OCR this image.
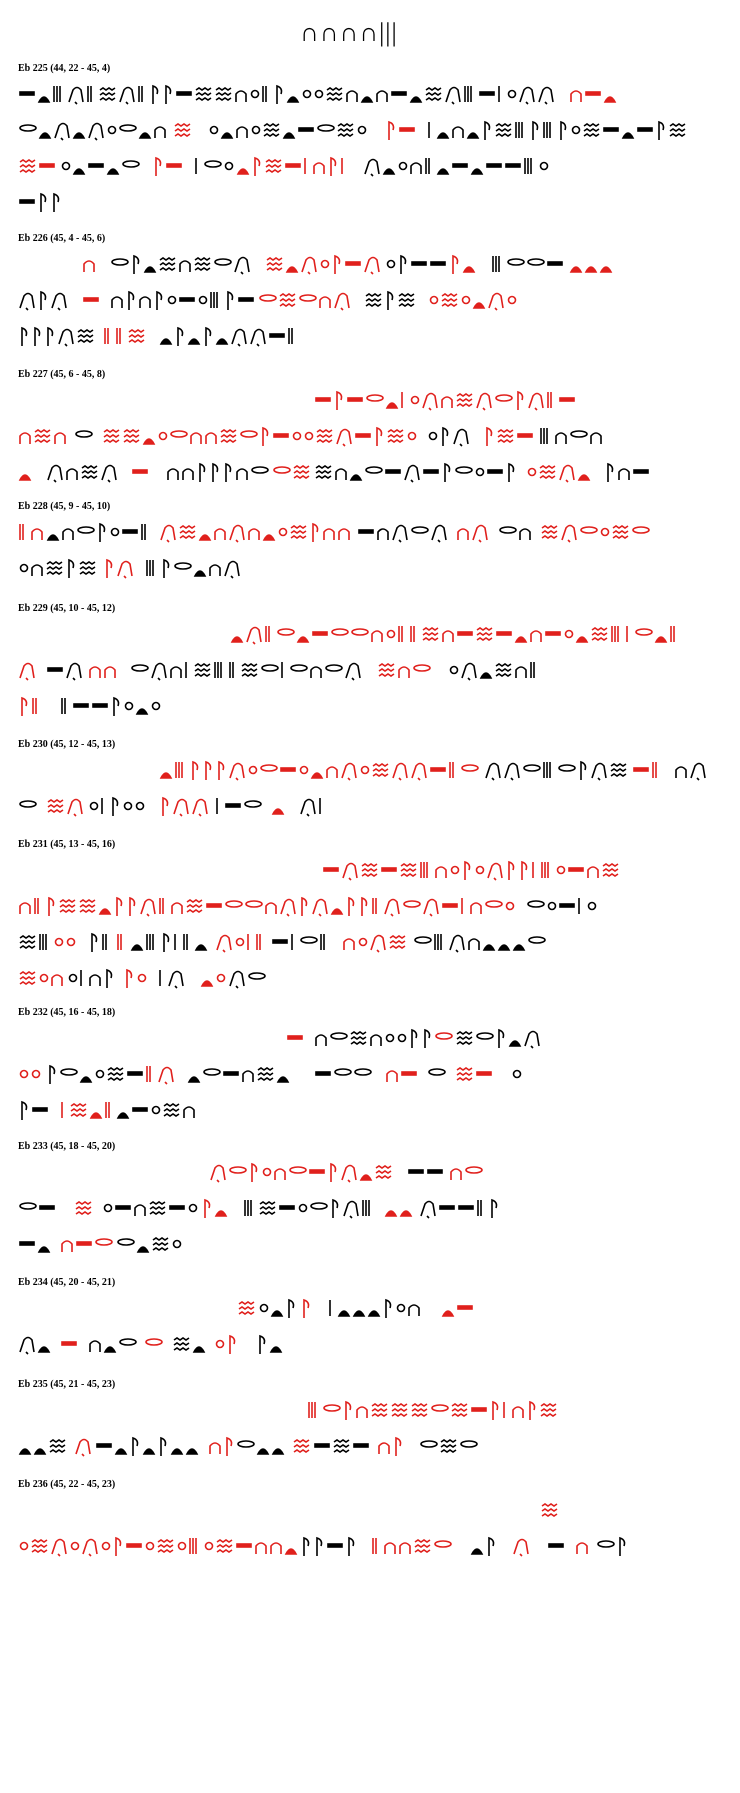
∩∩∩∩|||
Eb 225 (44, 22 - 45, 4)
Eb 226 (45, 4 - 45, 6)
Eb 227 (45, 6 - 45, 8)
Eb 228 (45, 9 - 45, 10)
Eb 229 (45, 10 - 45, 12)
Eb 230 (45, 12 - 45, 13)
Eb 231 (45, 13 - 45, 16)
Eb 232 (45, 16 - 45, 18)
Eb 233 (45, 18 - 45, 20)
Eb 234 (45, 20 - 45, 21)
Eb 235 (45, 21 - 45, 23)
Eb 236 (45, 22 - 45, 23)
